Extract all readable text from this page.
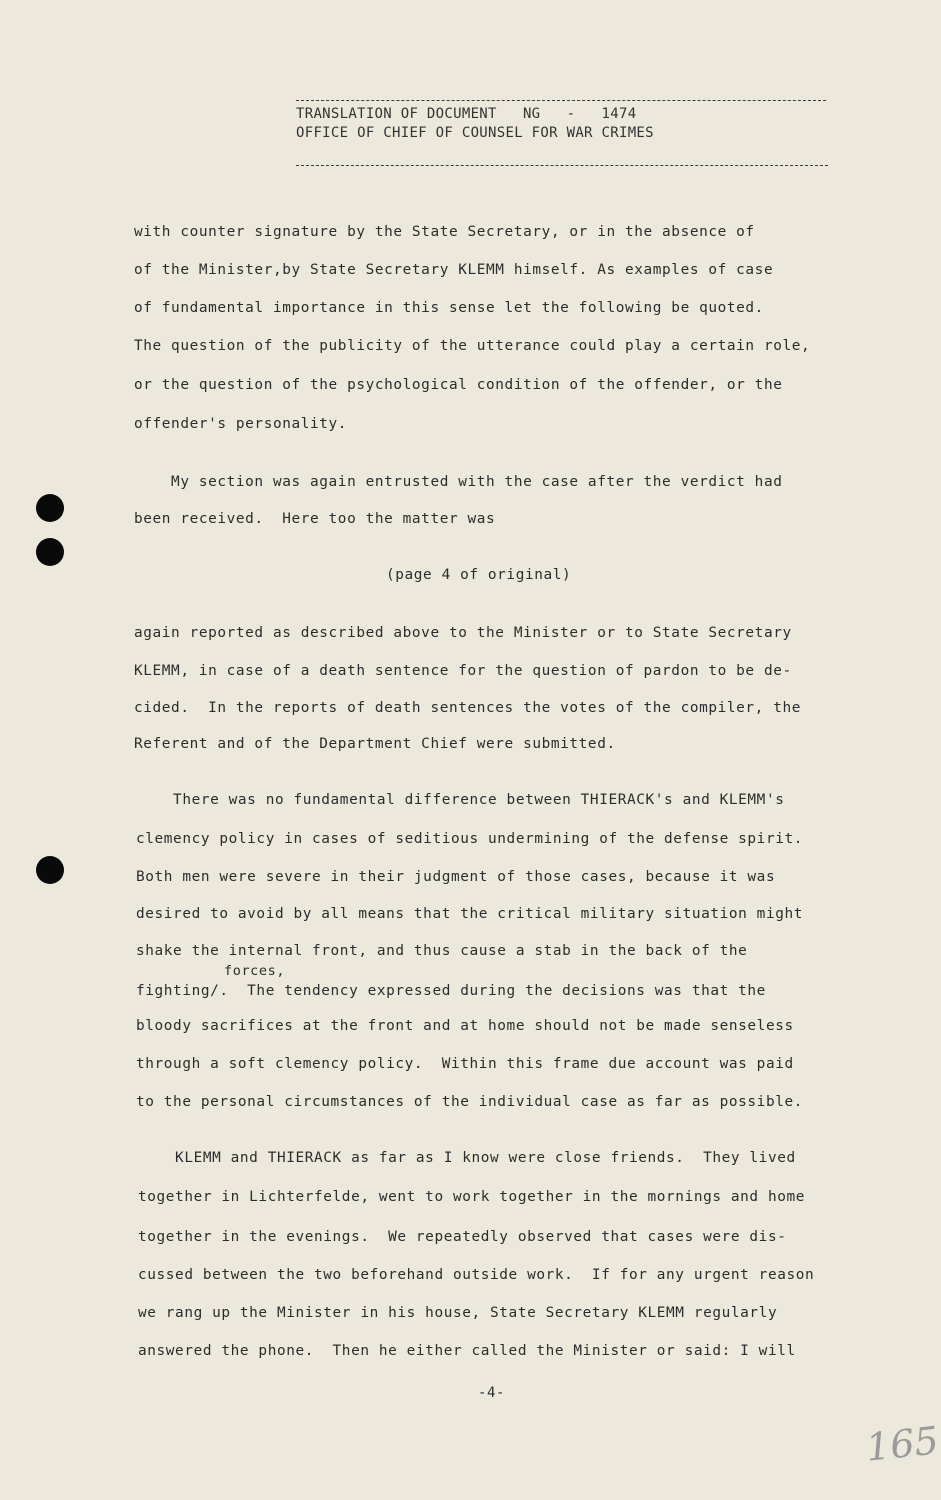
TRANSLATION OF DOCUMENT   NG   -   1474
OFFICE OF CHIEF OF COUNSEL FOR WAR CRIMES
with counter signature by the State Secretary, or in the absence of
of the Minister,by State Secretary KLEMM himself. As examples of case
of fundamental importance in this sense let the following be quoted.
The question of the publicity of the utterance could play a certain role,
or the question of the psychological condition of the offender, or the
offender's personality.
My section was again entrusted with the case after the verdict had
been received.  Here too the matter was
(page 4 of original)
again reported as described above to the Minister or to State Secretary
KLEMM, in case of a death sentence for the question of pardon to be de-
cided.  In the reports of death sentences the votes of the compiler, the
Referent and of the Department Chief were submitted.
There was no fundamental difference between THIERACK's and KLEMM's
clemency policy in cases of seditious undermining of the defense spirit.
Both men were severe in their judgment of those cases, because it was
desired to avoid by all means that the critical military situation might
shake the internal front, and thus cause a stab in the back of the
forces,
fighting/.  The tendency expressed during the decisions was that the
bloody sacrifices at the front and at home should not be made senseless
through a soft clemency policy.  Within this frame due account was paid
to the personal circumstances of the individual case as far as possible.
KLEMM and THIERACK as far as I know were close friends.  They lived
together in Lichterfelde, went to work together in the mornings and home
together in the evenings.  We repeatedly observed that cases were dis-
cussed between the two beforehand outside work.  If for any urgent reason
we rang up the Minister in his house, State Secretary KLEMM regularly
answered the phone.  Then he either called the Minister or said: I will
-4-
165
